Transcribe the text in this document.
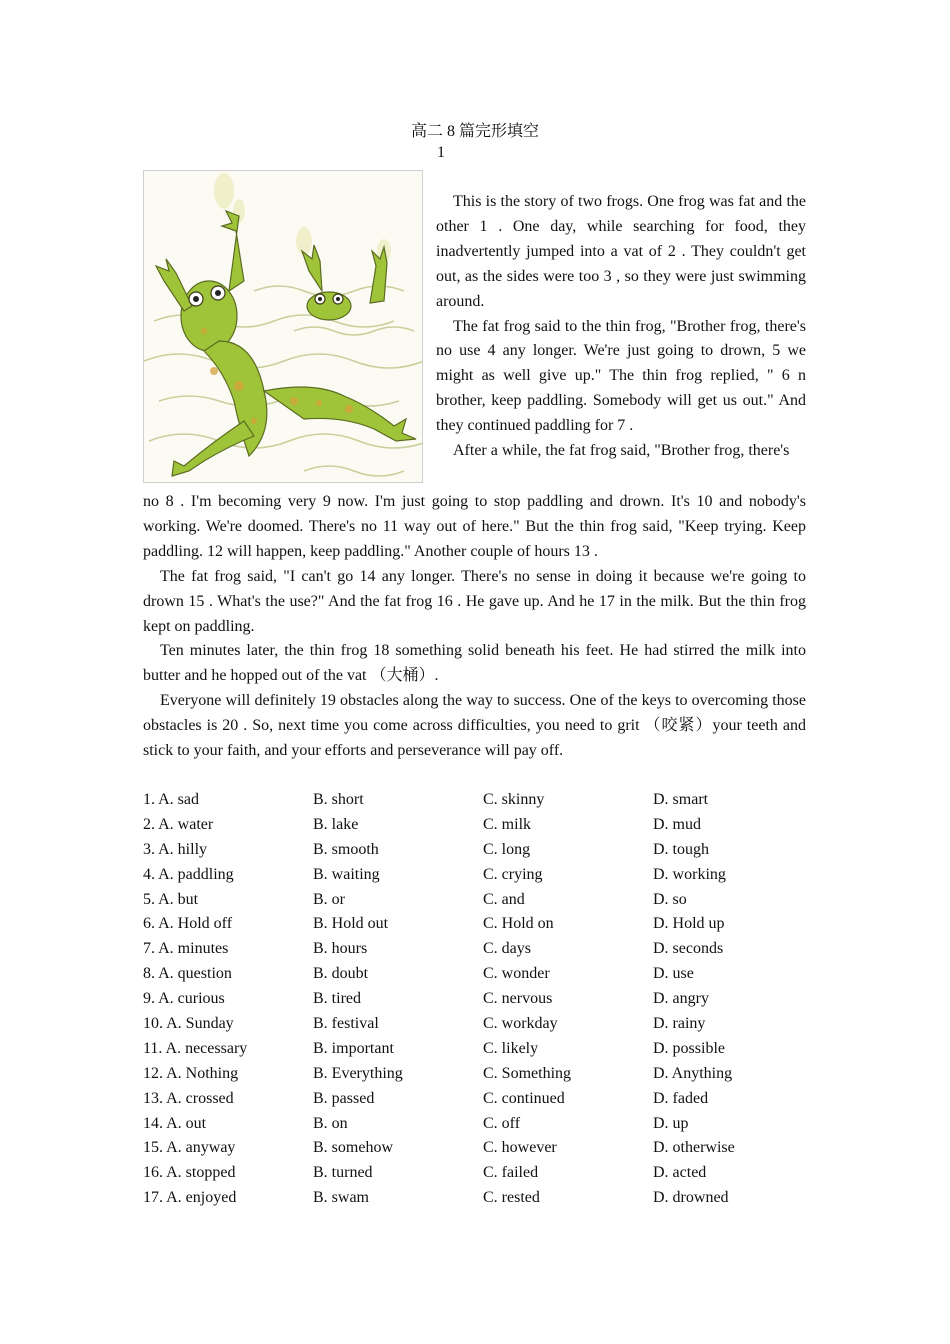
高二 8 篇完形填空
1

This is the story of two frogs. One frog was fat and the other 1 . One day, while searching for food, they inadvertently jumped into a vat of 2 . They couldn't get out, as the sides were too 3 , so they were just swimming around.

The fat frog said to the thin frog, "Brother frog, there's no use 4 any longer. We're just going to drown, 5 we might as well give up." The thin frog replied, " 6 n brother, keep paddling. Somebody will get us out." And they continued paddling for 7 .

After a while, the fat frog said, "Brother frog, there's

no 8 . I'm becoming very 9 now. I'm just going to stop paddling and drown. It's 10 and nobody's working. We're doomed. There's no 11 way out of here." But the thin frog said, "Keep trying. Keep paddling. 12 will happen, keep paddling." Another couple of hours 13 .

The fat frog said, "I can't go 14 any longer. There's no sense in doing it because we're going to drown 15 . What's the use?" And the fat frog 16 . He gave up. And he 17 in the milk. But the thin frog kept on paddling.

Ten minutes later, the thin frog 18 something solid beneath his feet. He had stirred the milk into butter and he hopped out of the vat （大桶）.

Everyone will definitely 19 obstacles along the way to success. One of the keys to overcoming those obstacles is 20 . So, next time you come across difficulties, you need to grit （咬紧）your teeth and stick to your faith, and your efforts and perseverance will pay off.

1. A. sad	B. short	C. skinny	D. smart
2. A. water	B. lake	C. milk	D. mud
3. A. hilly	B. smooth	C. long	D. tough
4. A. paddling	B. waiting	C. crying	D. working
5. A. but	B. or	C. and	D. so
6. A. Hold off	B. Hold out	C. Hold on	D. Hold up
7. A. minutes	B. hours	C. days	D. seconds
8. A. question	B. doubt	C. wonder	D. use
9. A. curious	B. tired	C. nervous	D. angry
10. A. Sunday	B. festival	C. workday	D. rainy
11. A. necessary	B. important	C. likely	D. possible
12. A. Nothing	B. Everything	C. Something	D. Anything
13. A. crossed	B. passed	C. continued	D. faded
14. A. out	B. on	C. off	D. up
15. A. anyway	B. somehow	C. however	D. otherwise
16. A. stopped	B. turned	C. failed	D. acted
17. A. enjoyed	B. swam	C. rested	D. drowned
